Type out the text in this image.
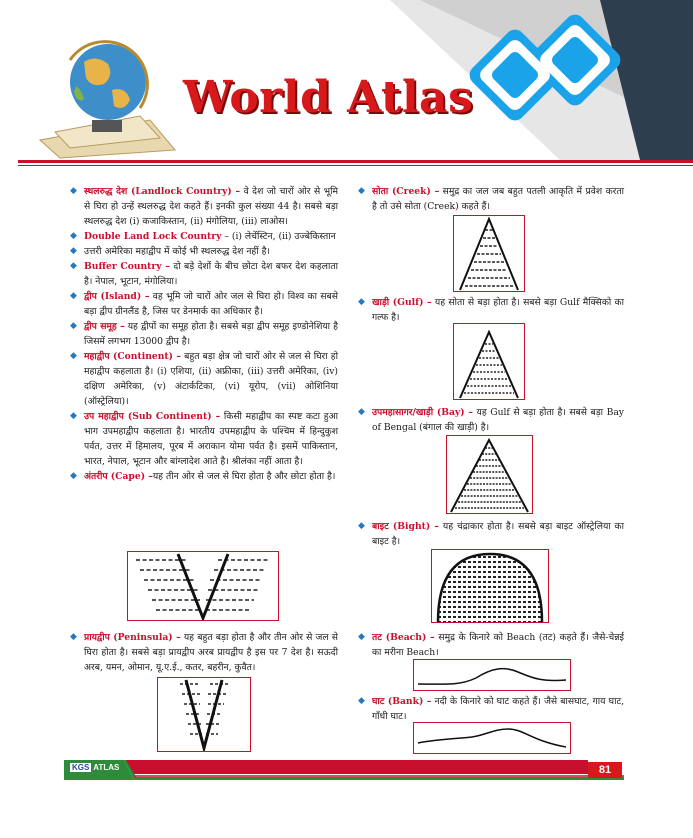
World Atlas
◆ स्थलरुद्ध देश (Landlock Country) – वे देश जो चारों ओर से भूमि से घिरा हो उन्हें स्थलरुद्ध देश कहते हैं। इनकी कुल संख्या 44 है। सबसे बड़ा स्थलरुद्ध देश (i) कजाकिस्तान, (ii) मंगोलिया, (iii) लाओस।
◆ Double Land Lock Country – (i) लेचेंस्टिन, (ii) उज्बेकिस्तान
◆ उत्तरी अमेरिका महाद्वीप में कोई भी स्थलरुद्ध देश नहीं है।
◆ Buffer Country – दो बड़े देशों के बीच छोटा देश बफर देश कहलाता है। नेपाल, भूटान, मंगोलिया।
◆ द्वीप (Island) – वह भूमि जो चारों ओर जल से घिरा हो। विश्व का सबसे बड़ा द्वीप ग्रीनलैंड है, जिस पर डेनमार्क का अधिकार है।
◆ द्वीप समूह – यह द्वीपों का समूह होता है। सबसे बड़ा द्वीप समूह इण्डोनेशिया है जिसमें लगभग 13000 द्वीप है।
◆ महाद्वीप (Continent) – बहुत बड़ा क्षेत्र जो चारों ओर से जल से घिरा हो महाद्वीप कहलाता है। (i) एशिया, (ii) अफ्रीका, (iii) उत्तरी अमेरिका, (iv) दक्षिण अमेरिका, (v) अंटार्कटिका, (vi) यूरोप, (vii) ओशिनिया (ऑस्ट्रेलिया)।
◆ उप महाद्वीप (Sub Continent) – किसी महाद्वीप का स्पष्ट कटा हुआ भाग उपमहाद्वीप कहलाता है। भारतीय उपमहाद्वीप के पश्चिम में हिन्दुकुश पर्वत, उत्तर में हिमालय, पूरब में अराकान योमा पर्वत है। इसमें पाकिस्तान, भारत, नेपाल, भूटान और बांग्लादेश आते है। श्रीलंका नहीं आता है।
◆ अंतरीप (Cape) –यह तीन ओर से जल से घिरा होता है और छोटा होता है।
◆ प्रायद्वीप (Peninsula) – यह बहुत बड़ा होता है और तीन ओर से जल से घिरा होता है। सबसे बड़ा प्रायद्वीप अरब प्रायद्वीप है इस पर 7 देश है। सऊदी अरब, यमन, ओमान, यू.ए.ई., कतर, बहरीन, कुवैत।
◆ सोता (Creek) – समुद्र का जल जब बहुत पतली आकृति में प्रवेश करता है तो उसे सोता (Creek) कहते हैं।
◆ खाड़ी (Gulf) – यह सोता से बड़ा होता है। सबसे बड़ा Gulf मैक्सिको का गल्फ है।
◆ उपमहासागर/खाड़ी (Bay) – यह Gulf से बड़ा होता है। सबसे बड़ा Bay of Bengal (बंगाल की खाड़ी) है।
◆ बाइट (Bight) – यह चंद्राकार होता है। सबसे बड़ा बाइट ऑस्ट्रेलिया का बाइट है।
◆ तट (Beach) – समुद्र के किनारे को Beach (तट) कहते हैं। जैसे-चेन्नई का मरीना Beach।
◆ घाट (Bank) – नदी के किनारे को घाट कहते हैं। जैसे बासघाट, गाय घाट, गाँधी घाट।
KGS ATLAS	81
